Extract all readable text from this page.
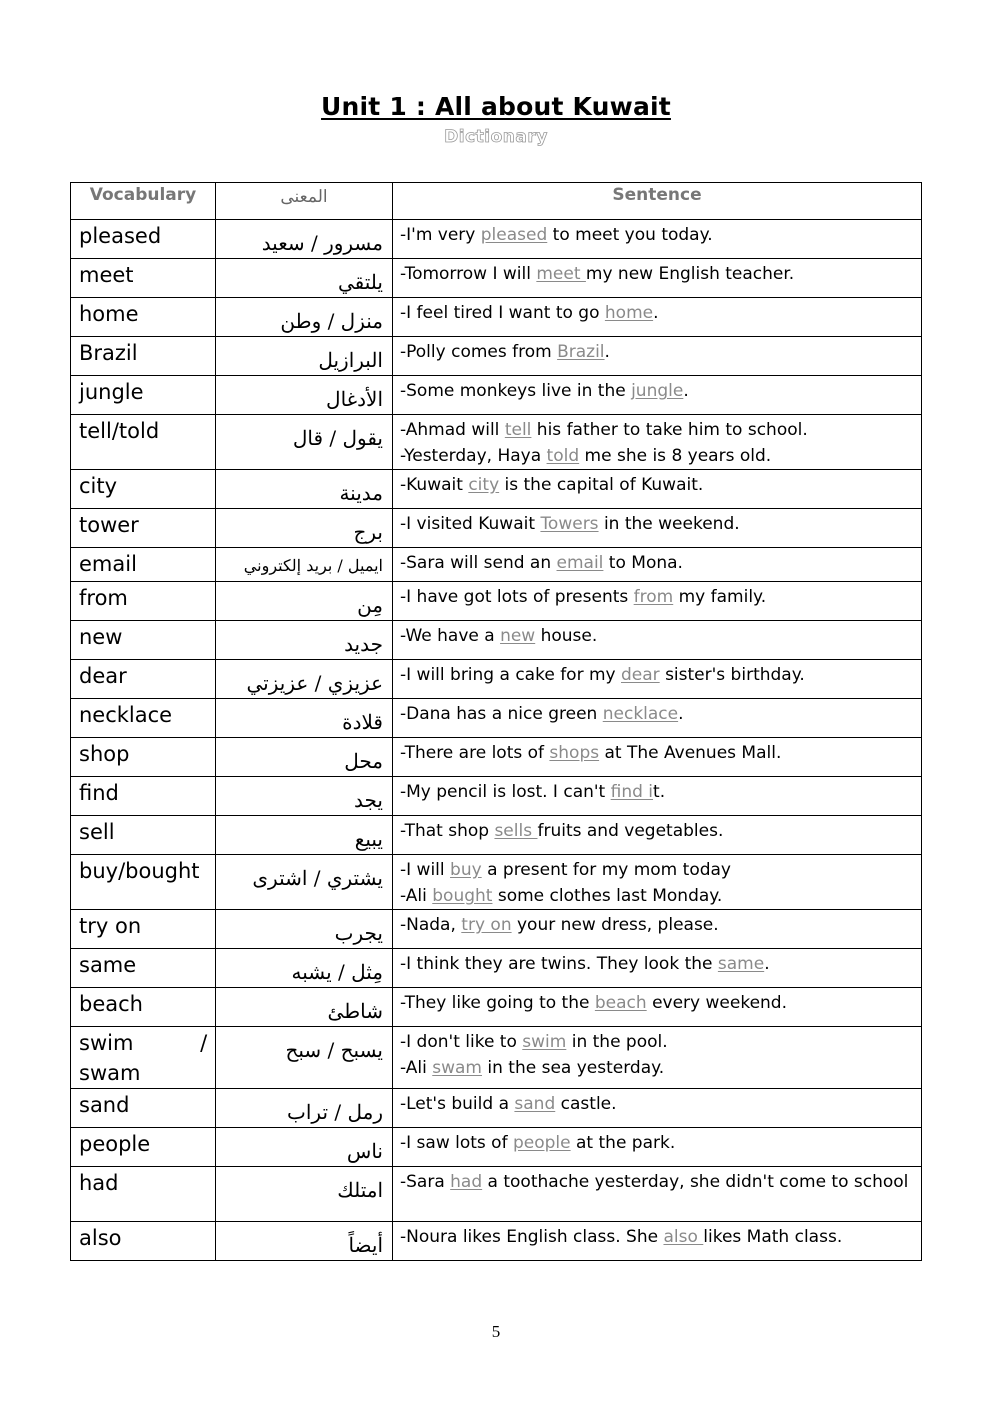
Unit 1 : All about Kuwait
Dictionary
Vocabulary	المعنى	Sentence
pleased	مسرور / سعيد	-I'm very pleased to meet you today.

meet	يلتقي	-Tomorrow I will meet my new English teacher.

home	منزل / وطن	-I feel tired I want to go home.

Brazil	البرازيل	-Polly comes from Brazil.

jungle	الأدغال	-Some monkeys live in the jungle.

tell/told	يقول / قال	-Ahmad will tell his father to take him to school.
-Yesterday, Haya told me she is 8 years old.

city	مدينة	-Kuwait city is the capital of Kuwait.

tower	برج	-I visited Kuwait Towers in the weekend.

email	ايميل / بريد إلكتروني	-Sara will send an email to Mona.

from	مِن	-I have got lots of presents from my family.

new	جديد	-We have a new house.

dear	عزيزي / عزيزتي	-I will bring a cake for my dear sister's birthday.

necklace	قلادة	-Dana has a nice green necklace.

shop	محل	-There are lots of shops at The Avenues Mall.

find	يجد	-My pencil is lost. I can't find it.

sell	يبيع	-That shop sells fruits and vegetables.

buy/bought	يشتري / اشترى	-I will buy a present for my mom today
-Ali bought some clothes last Monday.

try on	يجرب	-Nada, try on your new dress, please.

same	مِثل / يشبه	-I think they are twins. They look the same.

beach	شاطئ	-They like going to the beach every weekend.

swim / swam	يسبح / سبح	-I don't like to swim in the pool.
-Ali swam in the sea yesterday.

sand	رمل / تراب	-Let's build a sand castle.

people	ناس	-I saw lots of people at the park.

had	امتلك	-Sara had a toothache yesterday, she didn't come to school

also	أيضاً	-Noura likes English class. She also likes Math class.
5
